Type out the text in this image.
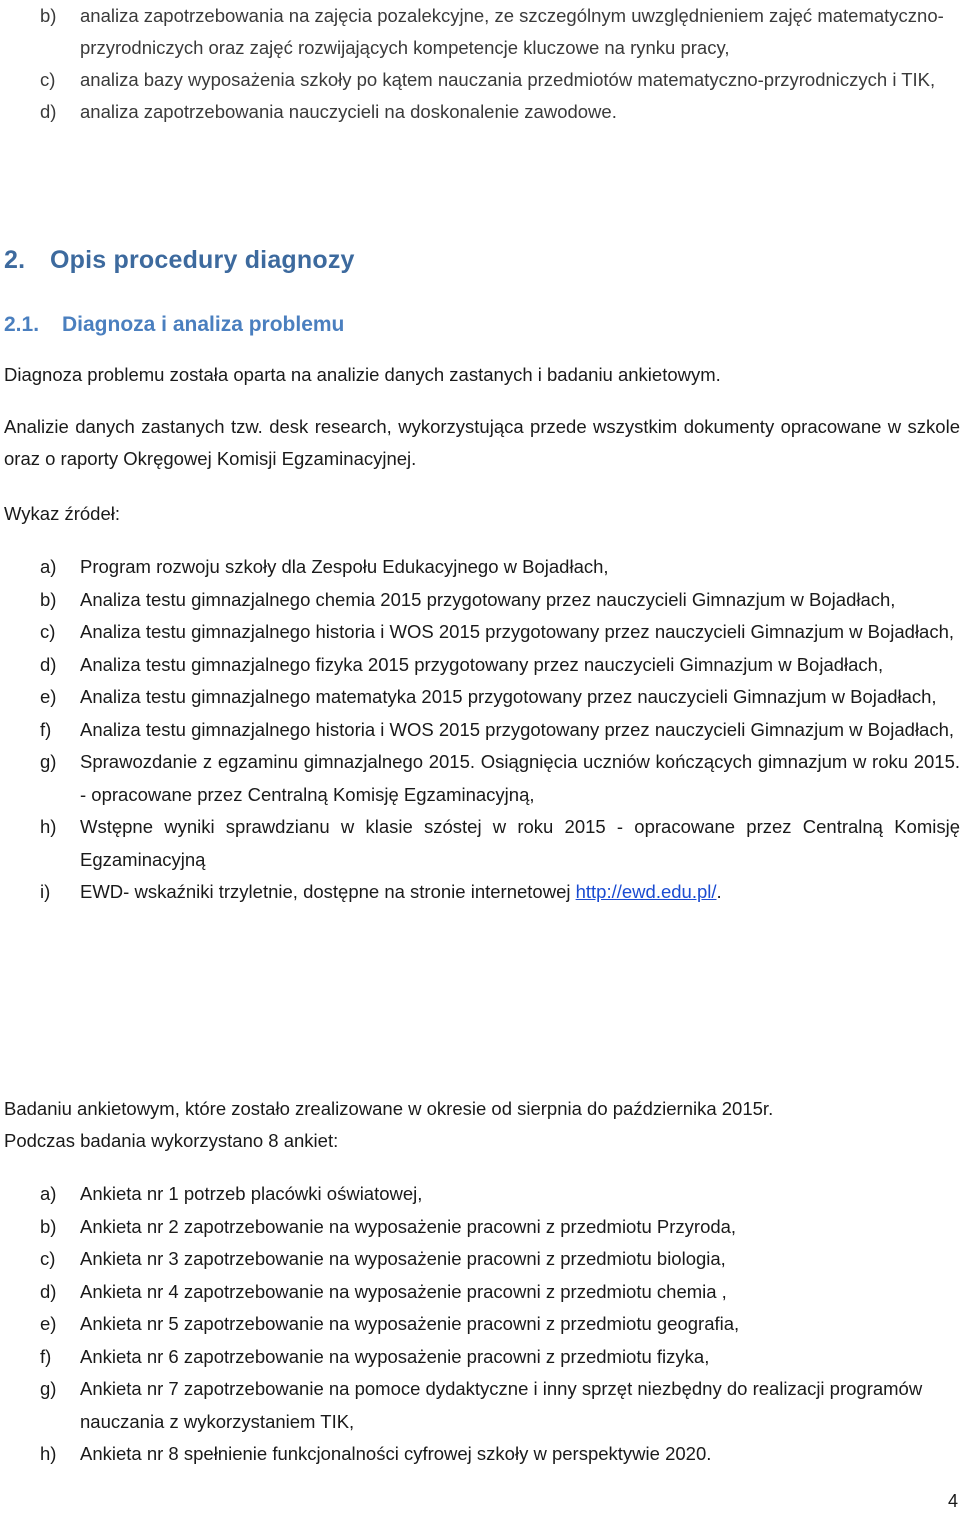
b)	analiza zapotrzebowania na zajęcia pozalekcyjne, ze szczególnym uwzględnieniem zajęć matematyczno-przyrodniczych oraz zajęć rozwijających kompetencje kluczowe na rynku pracy,
c)	analiza bazy wyposażenia szkoły po kątem nauczania przedmiotów matematyczno-przyrodniczych i TIK,
d)	analiza zapotrzebowania nauczycieli na doskonalenie zawodowe.
2. Opis procedury diagnozy
2.1. Diagnoza i analiza problemu

Diagnoza problemu została oparta na analizie danych zastanych i badaniu ankietowym.

Analizie danych zastanych tzw. desk research, wykorzystująca przede wszystkim dokumenty opracowane w szkole oraz o raporty Okręgowej Komisji Egzaminacyjnej.

Wykaz źródeł:

a)	Program rozwoju szkoły dla Zespołu Edukacyjnego w Bojadłach,
b)	Analiza testu gimnazjalnego chemia 2015 przygotowany przez nauczycieli Gimnazjum w Bojadłach,
c)	Analiza testu gimnazjalnego historia i WOS 2015 przygotowany przez nauczycieli Gimnazjum w Bojadłach,
d)	Analiza testu gimnazjalnego fizyka 2015 przygotowany przez nauczycieli Gimnazjum w Bojadłach,
e)	Analiza testu gimnazjalnego matematyka 2015 przygotowany przez nauczycieli Gimnazjum w Bojadłach,
f)	Analiza testu gimnazjalnego historia i WOS 2015 przygotowany przez nauczycieli Gimnazjum w Bojadłach,
g)	Sprawozdanie z egzaminu gimnazjalnego 2015. Osiągnięcia uczniów kończących gimnazjum w roku 2015. - opracowane przez Centralną Komisję Egzaminacyjną,
h)	Wstępne wyniki sprawdzianu w klasie szóstej w roku 2015 - opracowane przez Centralną Komisję Egzaminacyjną
i)	EWD- wskaźniki trzyletnie, dostępne na stronie internetowej http://ewd.edu.pl/.

Badaniu ankietowym, które zostało zrealizowane w okresie od sierpnia do października 2015r.

Podczas badania wykorzystano 8 ankiet:

a)	Ankieta nr 1 potrzeb placówki oświatowej,
b)	Ankieta nr 2 zapotrzebowanie na wyposażenie pracowni z przedmiotu Przyroda,
c)	Ankieta nr 3 zapotrzebowanie na wyposażenie pracowni z przedmiotu biologia,
d)	Ankieta nr 4 zapotrzebowanie na wyposażenie pracowni z przedmiotu chemia ,
e)	Ankieta nr 5 zapotrzebowanie na wyposażenie pracowni z przedmiotu geografia,
f)	Ankieta nr 6 zapotrzebowanie na wyposażenie pracowni z przedmiotu fizyka,
g)	Ankieta nr 7 zapotrzebowanie na pomoce dydaktyczne i inny sprzęt niezbędny do realizacji programów nauczania z wykorzystaniem TIK,
h)	Ankieta nr 8 spełnienie funkcjonalności cyfrowej szkoły w perspektywie 2020.
4
